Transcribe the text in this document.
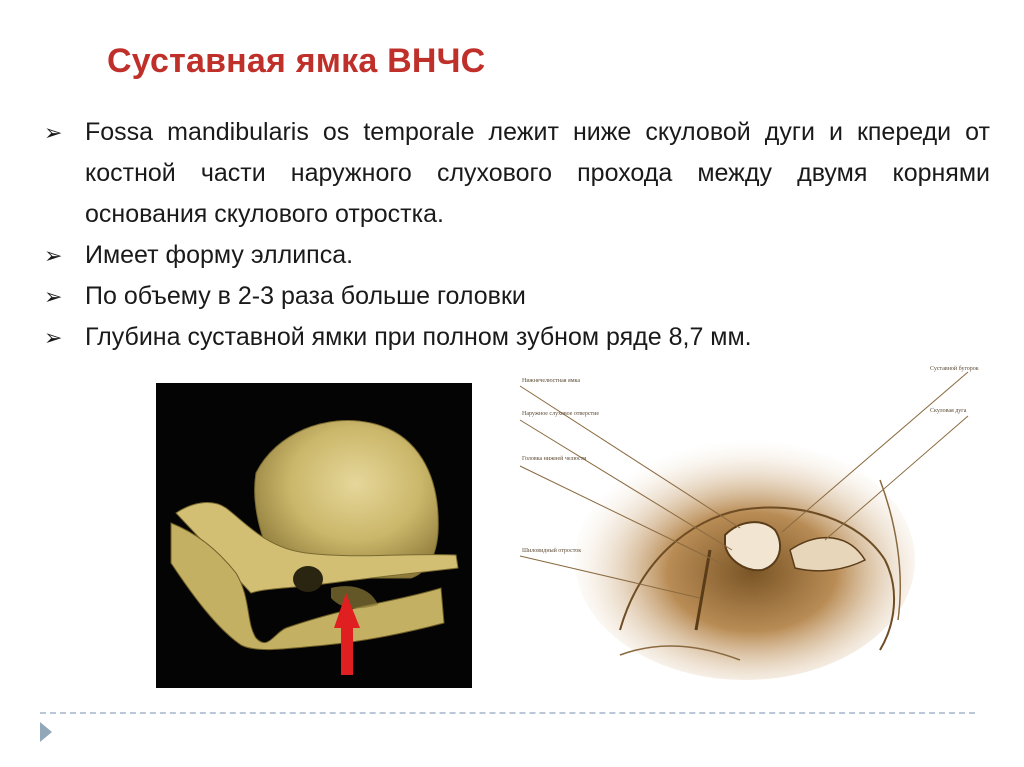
Суставная ямка ВНЧС
➢ Fossa mandibularis os temporale лежит ниже скуловой дуги и кпереди от костной части наружного слухового прохода между двумя корнями основания скулового отростка.
➢ Имеет форму эллипса.
➢ По объему в 2-3 раза больше головки
➢ Глубина суставной ямки при полном зубном ряде 8,7 мм.
Нижнечелюстная ямка
Наружное слуховое отверстие
Головка нижней челюсти
Шиловидный отросток
Суставной бугорок
Скуловая дуга
